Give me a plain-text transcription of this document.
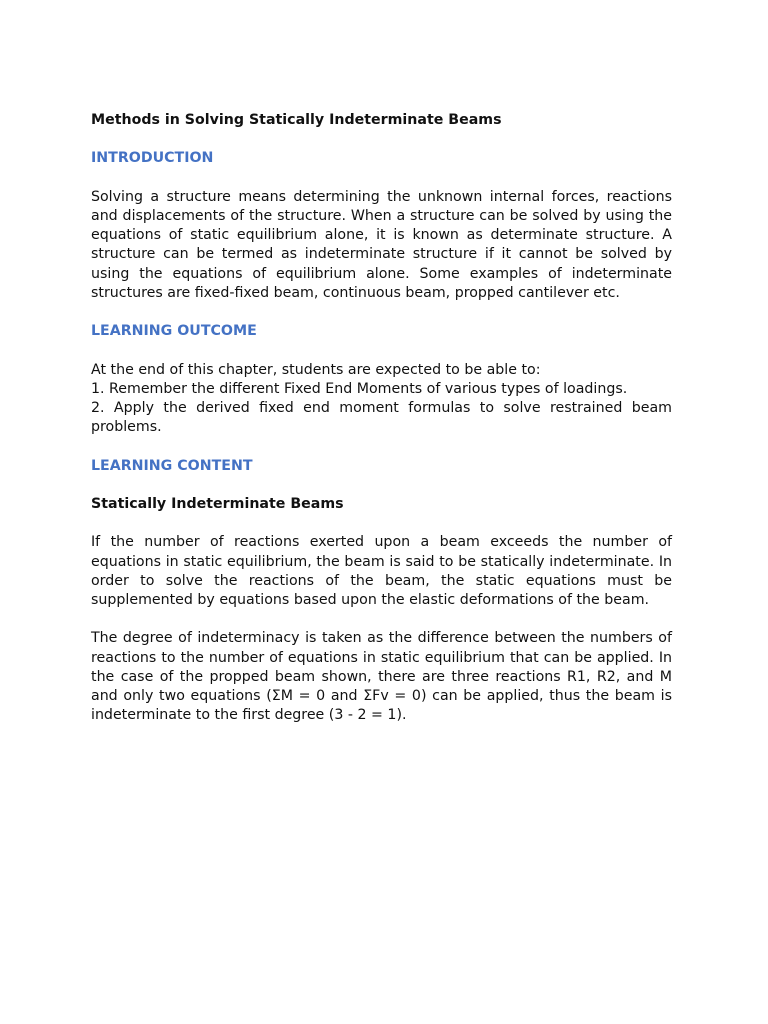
Methods in Solving Statically Indeterminate Beams
INTRODUCTION
Solving a structure means determining the unknown internal forces, reactions and displacements of the structure. When a structure can be solved by using the equations of static equilibrium alone, it is known as determinate structure. A structure can be termed as indeterminate structure if it cannot be solved by using the equations of equilibrium alone. Some examples of indeterminate structures are fixed-fixed beam, continuous beam, propped cantilever etc.
LEARNING OUTCOME
At the end of this chapter, students are expected to be able to:
1. Remember the different Fixed End Moments of various types of loadings.
2. Apply the derived fixed end moment formulas to solve restrained beam problems.
LEARNING CONTENT
Statically Indeterminate Beams
If the number of reactions exerted upon a beam exceeds the number of equations in static equilibrium, the beam is said to be statically indeterminate. In order to solve the reactions of the beam, the static equations must be supplemented by equations based upon the elastic deformations of the beam.
The degree of indeterminacy is taken as the difference between the numbers of reactions to the number of equations in static equilibrium that can be applied. In the case of the propped beam shown, there are three reactions R1, R2, and M and only two equations (ΣM = 0 and ΣFv = 0) can be applied, thus the beam is indeterminate to the first degree (3 - 2 = 1).
